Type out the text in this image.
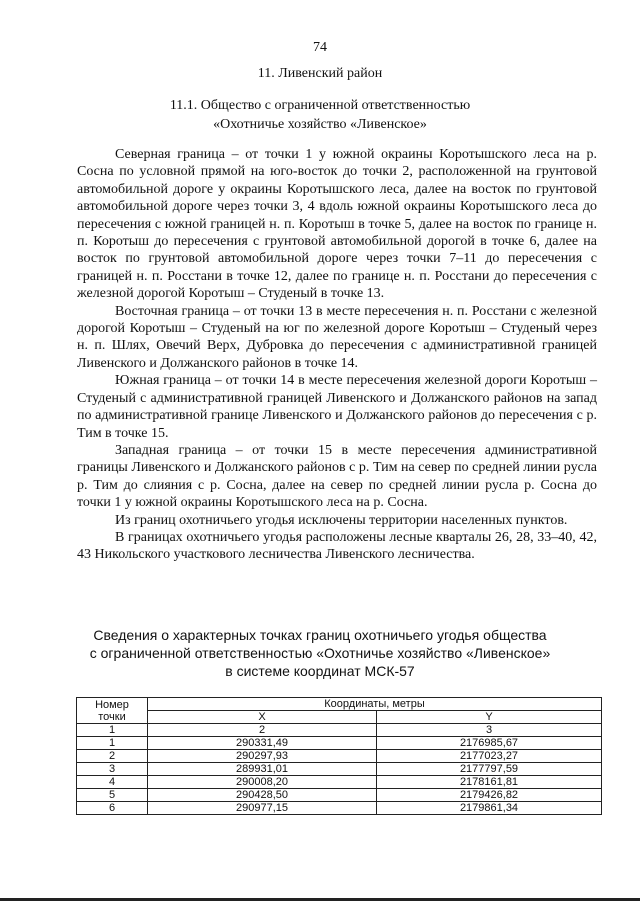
74
11. Ливенский район
11.1. Общество с ограниченной ответственностью
«Охотничье хозяйство «Ливенское»

Северная граница – от точки 1 у южной окраины Коротышского леса на р. Сосна по условной прямой на юго-восток до точки 2, расположенной на грунтовой автомобильной дороге у окраины Коротышского леса, далее на восток по грунтовой автомобильной дороге через точки 3, 4 вдоль южной окраины Коротышского леса до пересечения с южной границей н. п. Коротыш в точке 5, далее на восток по границе н. п. Коротыш до пересечения с грунтовой автомобильной дорогой в точке 6, далее на восток по грунтовой автомобильной дороге через точки 7–11 до пересечения с границей н. п. Росстани в точке 12, далее по границе н. п. Росстани до пересечения с железной дорогой Коротыш – Студеный в точке 13.

Восточная граница – от точки 13 в месте пересечения н. п. Росстани с железной дорогой Коротыш – Студеный на юг по железной дороге Коротыш – Студеный через н. п. Шлях, Овечий Верх, Дубровка до пересечения с административной границей Ливенского и Должанского районов в точке 14.

Южная граница – от точки 14 в месте пересечения железной дороги Коротыш – Студеный с административной границей Ливенского и Должанского районов на запад по административной границе Ливенского и Должанского районов до пересечения с р. Тим в точке 15.

Западная граница – от точки 15 в месте пересечения административной границы Ливенского и Должанского районов с р. Тим на север по средней линии русла р. Тим до слияния с р. Сосна, далее на север по средней линии русла р. Сосна до точки 1 у южной окраины Коротышского леса на р. Сосна.

Из границ охотничьего угодья исключены территории населенных пунктов.

В границах охотничьего угодья расположены лесные кварталы 26, 28, 33–40, 42, 43 Никольского участкового лесничества Ливенского лесничества.

Сведения о характерных точках границ охотничьего угодья общества
с ограниченной ответственностью «Охотничье хозяйство «Ливенское»
в системе координат МСК-57
Номер
точки	Координаты, метры	
	X	Y
1	2	3
1	290331,49	2176985,67
2	290297,93	2177023,27
3	289931,01	2177797,59
4	290008,20	2178161,81
5	290428,50	2179426,82
6	290977,15	2179861,34
